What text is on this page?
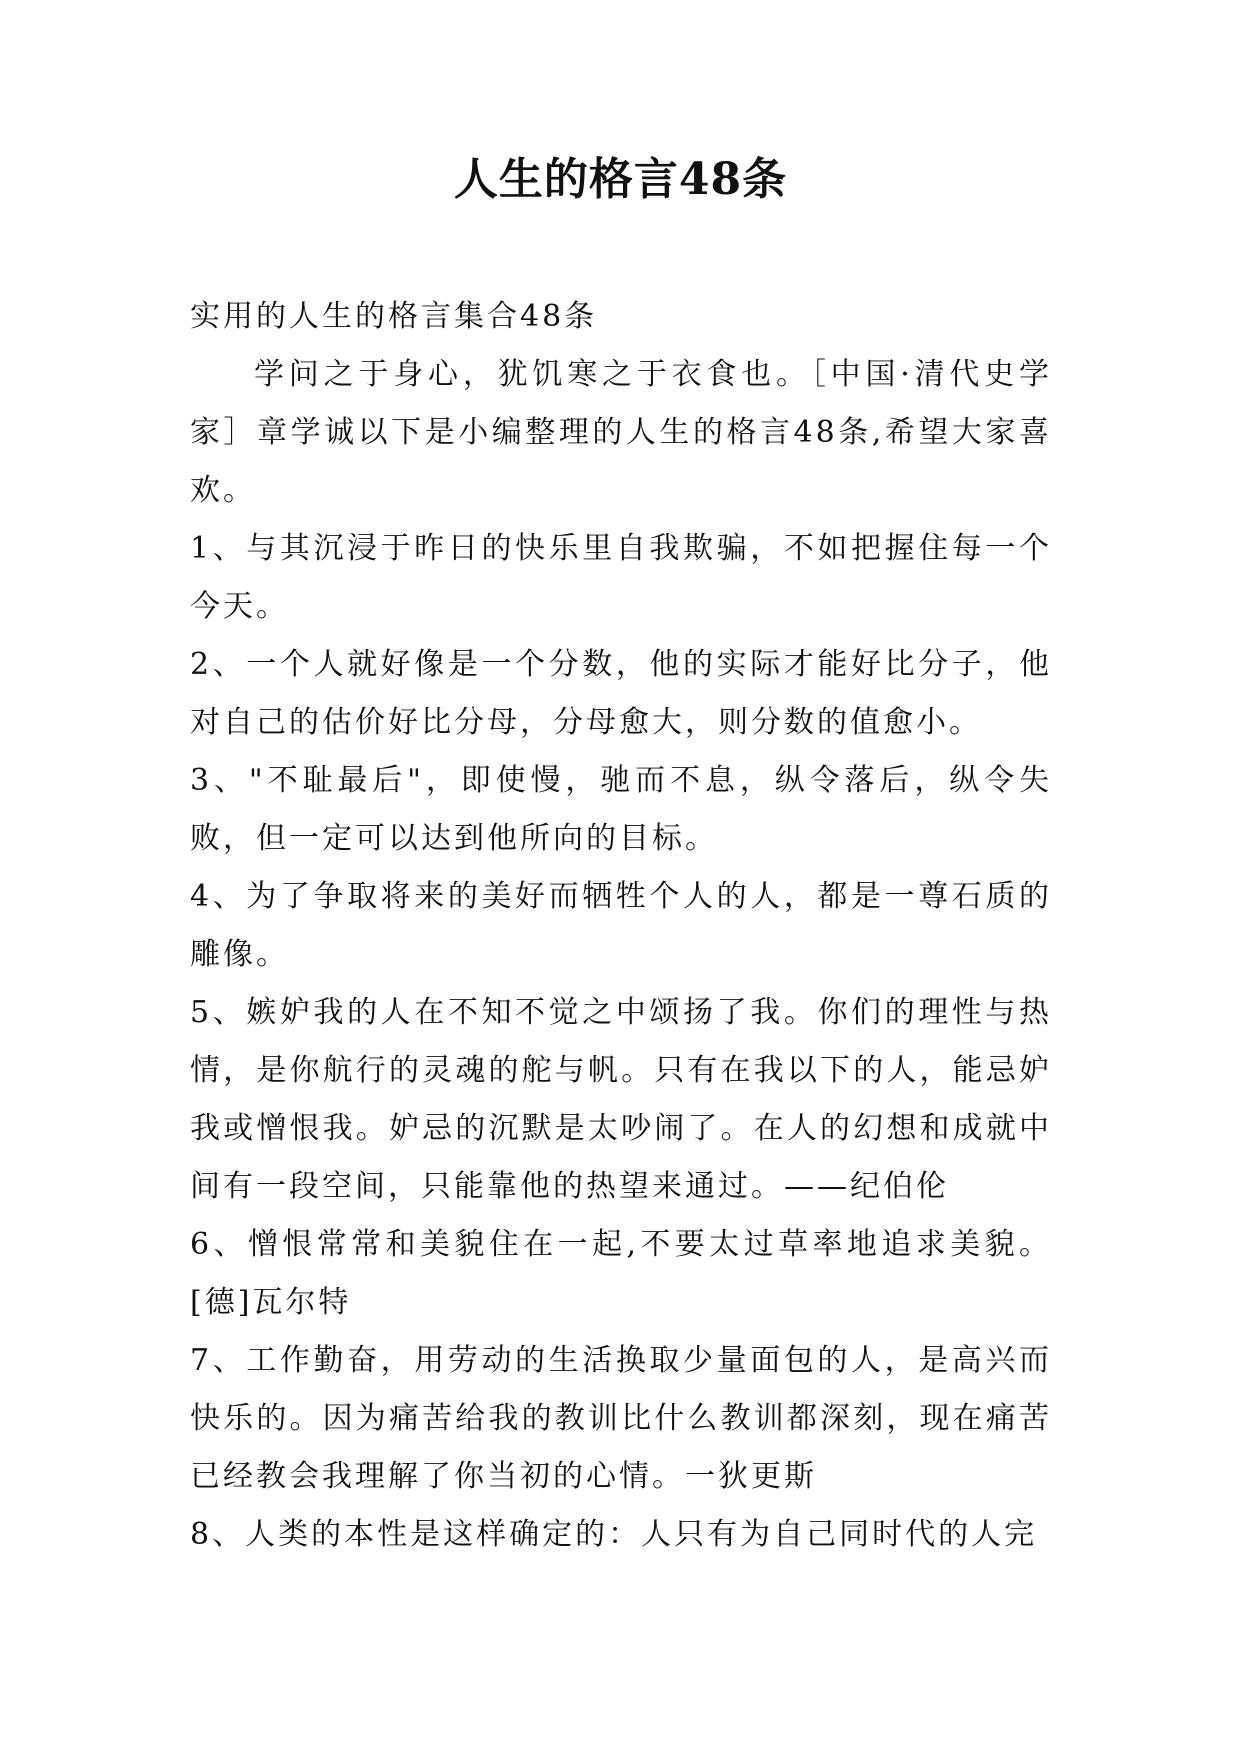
人生的格言48条

实用的人生的格言集合48条

学问之于身心，犹饥寒之于衣食也。［中国·清代史学家］章学诚以下是小编整理的人生的格言48条,希望大家喜欢。

1、与其沉浸于昨日的快乐里自我欺骗，不如把握住每一个今天。

2、一个人就好像是一个分数，他的实际才能好比分子，他对自己的估价好比分母，分母愈大，则分数的值愈小。

3、"不耻最后"，即使慢，驰而不息，纵令落后，纵令失败，但一定可以达到他所向的目标。

4、为了争取将来的美好而牺牲个人的人，都是一尊石质的雕像。

5、嫉妒我的人在不知不觉之中颂扬了我。你们的理性与热情，是你航行的灵魂的舵与帆。只有在我以下的人，能忌妒我或憎恨我。妒忌的沉默是太吵闹了。在人的幻想和成就中间有一段空间，只能靠他的热望来通过。——纪伯伦

6、憎恨常常和美貌住在一起,不要太过草率地追求美貌。[德]瓦尔特

7、工作勤奋，用劳动的生活换取少量面包的人，是高兴而快乐的。因为痛苦给我的教训比什么教训都深刻，现在痛苦已经教会我理解了你当初的心情。一狄更斯

8、人类的本性是这样确定的：人只有为自己同时代的人完
